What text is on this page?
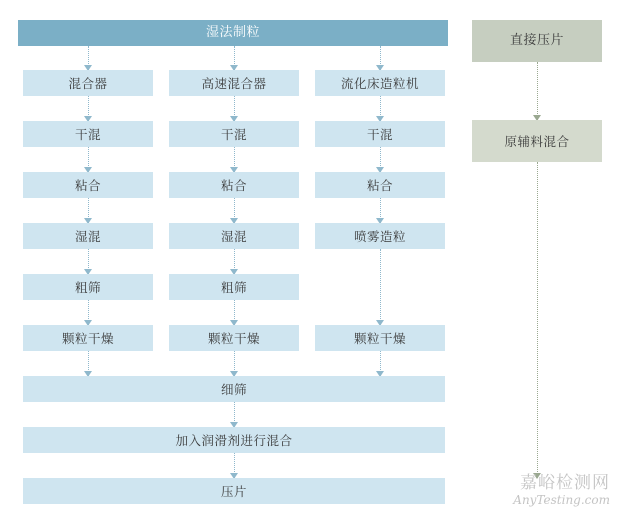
湿法制粒
混合器
干混
粘合
湿混
粗筛
颗粒干燥
高速混合器
干混
粘合
湿混
粗筛
颗粒干燥
流化床造粒机
干混
粘合
喷雾造粒
颗粒干燥
细筛
加入润滑剂进行混合
压片
直接压片
原辅料混合
嘉峪检测网
AnyTesting.com
